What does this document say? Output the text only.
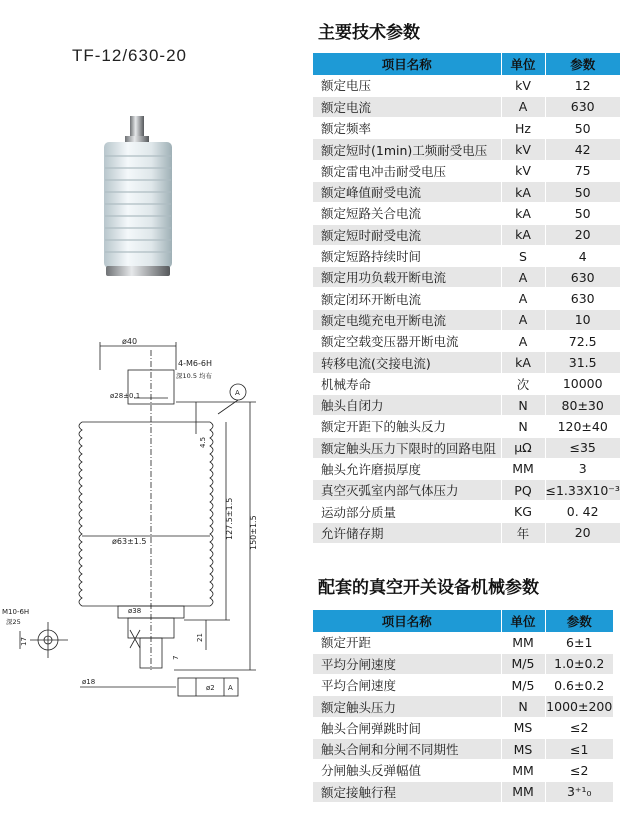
TF-12/630-20
ø40
4-M6-6H
深10.5 均布
ø28±0.1	A
ø63±1.5
ø38
ø18
ø2 A
M10-6H
深25
4.5
127.5±1.5 150±1.5
21
7
17
主要技术参数
项目名称	单位	参数
额定电压	kV	12
额定电流	A	630
额定频率	Hz	50
额定短时(1min)工频耐受电压	kV	42
额定雷电冲击耐受电压	kV	75
额定峰值耐受电流	kA	50
额定短路关合电流	kA	50
额定短时耐受电流	kA	20
额定短路持续时间	S	4
额定用功负载开断电流	A	630
额定闭环开断电流	A	630
额定电缆充电开断电流	A	10
额定空载变压器开断电流	A	72.5
转移电流(交接电流)	kA	31.5
机械寿命	次	10000
触头自闭力	N	80±30
额定开距下的触头反力	N	120±40
额定触头压力下限时的回路电阻	μΩ	≤35
触头允许磨损厚度	MM	3
真空灭弧室内部气体压力	PQ	≤1.33X10⁻³
运动部分质量	KG	0. 42
允许储存期	年	20
配套的真空开关设备机械参数
项目名称	单位	参数
额定开距	MM	6±1
平均分闸速度	M/5	1.0±0.2
平均合闸速度	M/5	0.6±0.2
额定触头压力	N	1000±200
触头合闸弹跳时间	MS	≤2
触头合闸和分闸不同期性	MS	≤1
分闸触头反弹幅值	MM	≤2
额定接触行程	MM	3⁺¹₀
